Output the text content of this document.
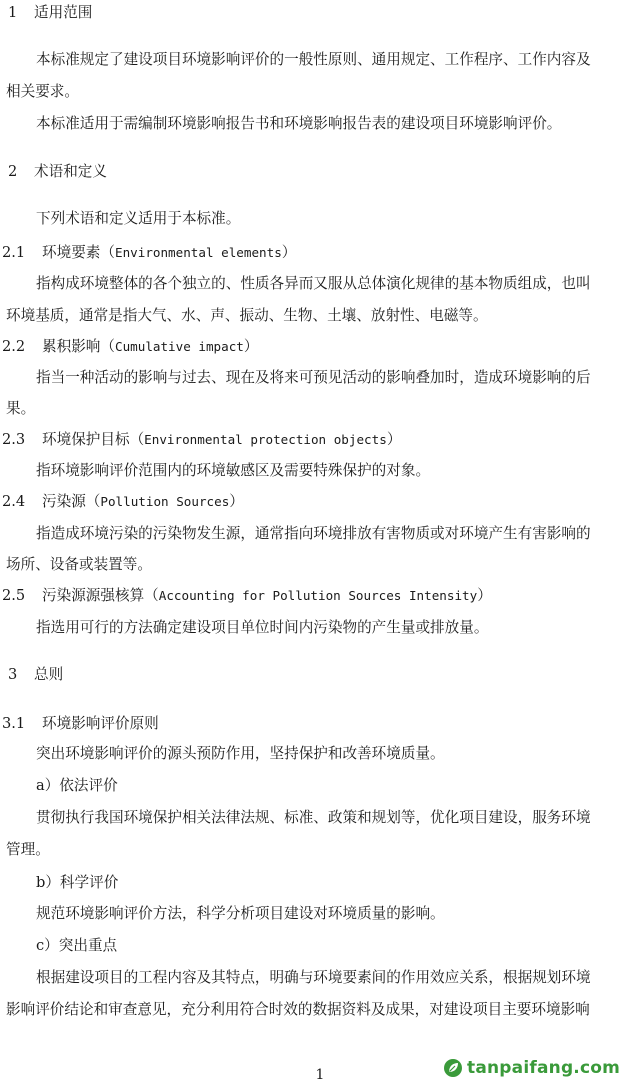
1 适用范围
本标准规定了建设项目环境影响评价的一般性原则、通用规定、工作程序、工作内容及
相关要求。
本标准适用于需编制环境影响报告书和环境影响报告表的建设项目环境影响评价。
2 术语和定义
下列术语和定义适用于本标准。
2.1 环境要素（Environmental elements）
指构成环境整体的各个独立的、性质各异而又服从总体演化规律的基本物质组成，也叫
环境基质，通常是指大气、水、声、振动、生物、土壤、放射性、电磁等。
2.2 累积影响（Cumulative impact）
指当一种活动的影响与过去、现在及将来可预见活动的影响叠加时，造成环境影响的后
果。
2.3 环境保护目标（Environmental protection objects）
指环境影响评价范围内的环境敏感区及需要特殊保护的对象。
2.4 污染源（Pollution Sources）
指造成环境污染的污染物发生源，通常指向环境排放有害物质或对环境产生有害影响的
场所、设备或装置等。
2.5 污染源源强核算（Accounting for Pollution Sources Intensity）
指选用可行的方法确定建设项目单位时间内污染物的产生量或排放量。
3 总则
3.1 环境影响评价原则
突出环境影响评价的源头预防作用，坚持保护和改善环境质量。
a）依法评价
贯彻执行我国环境保护相关法律法规、标准、政策和规划等，优化项目建设，服务环境
管理。
b）科学评价
规范环境影响评价方法，科学分析项目建设对环境质量的影响。
c）突出重点
根据建设项目的工程内容及其特点，明确与环境要素间的作用效应关系，根据规划环境
影响评价结论和审查意见，充分利用符合时效的数据资料及成果，对建设项目主要环境影响
1	tanpaifang.com
